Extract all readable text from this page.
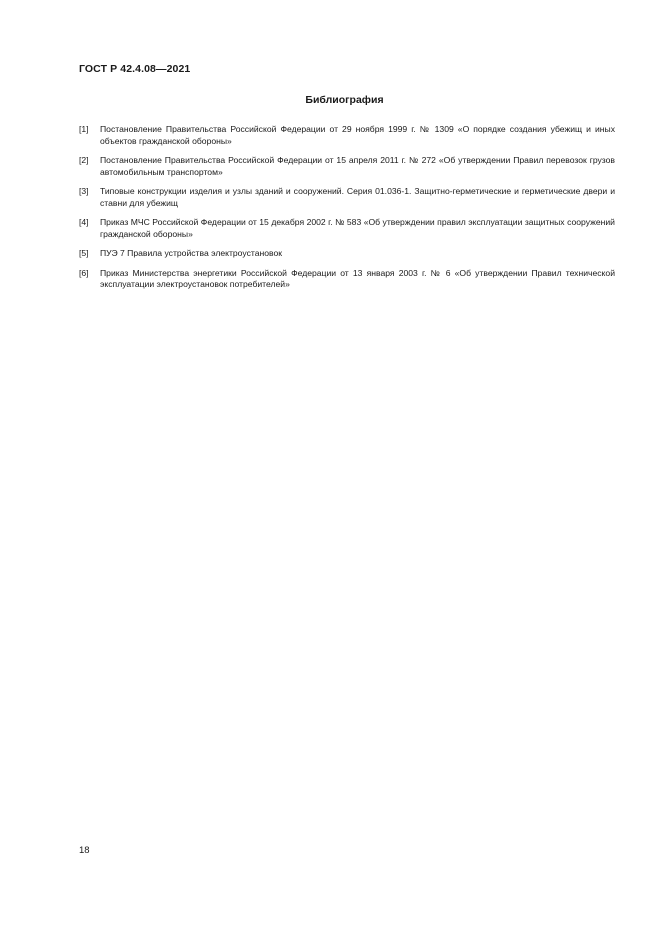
ГОСТ Р 42.4.08—2021
Библиография
[1]	Постановление Правительства Российской Федерации от 29 ноября 1999 г. № 1309 «О порядке создания убежищ и иных объектов гражданской обороны»
[2]	Постановление Правительства Российской Федерации от 15 апреля 2011 г. № 272 «Об утверждении Правил перевозок грузов автомобильным транспортом»
[3]	Типовые конструкции изделия и узлы зданий и сооружений. Серия 01.036-1. Защитно-герметические и герметические двери и ставни для убежищ
[4]	Приказ МЧС Российской Федерации от 15 декабря 2002 г. № 583 «Об утверждении правил эксплуатации защитных сооружений гражданской обороны»
[5]	ПУЭ 7 Правила устройства электроустановок
[6]	Приказ Министерства энергетики Российской Федерации от 13 января 2003 г. № 6 «Об утверждении Правил технической эксплуатации электроустановок потребителей»
18
